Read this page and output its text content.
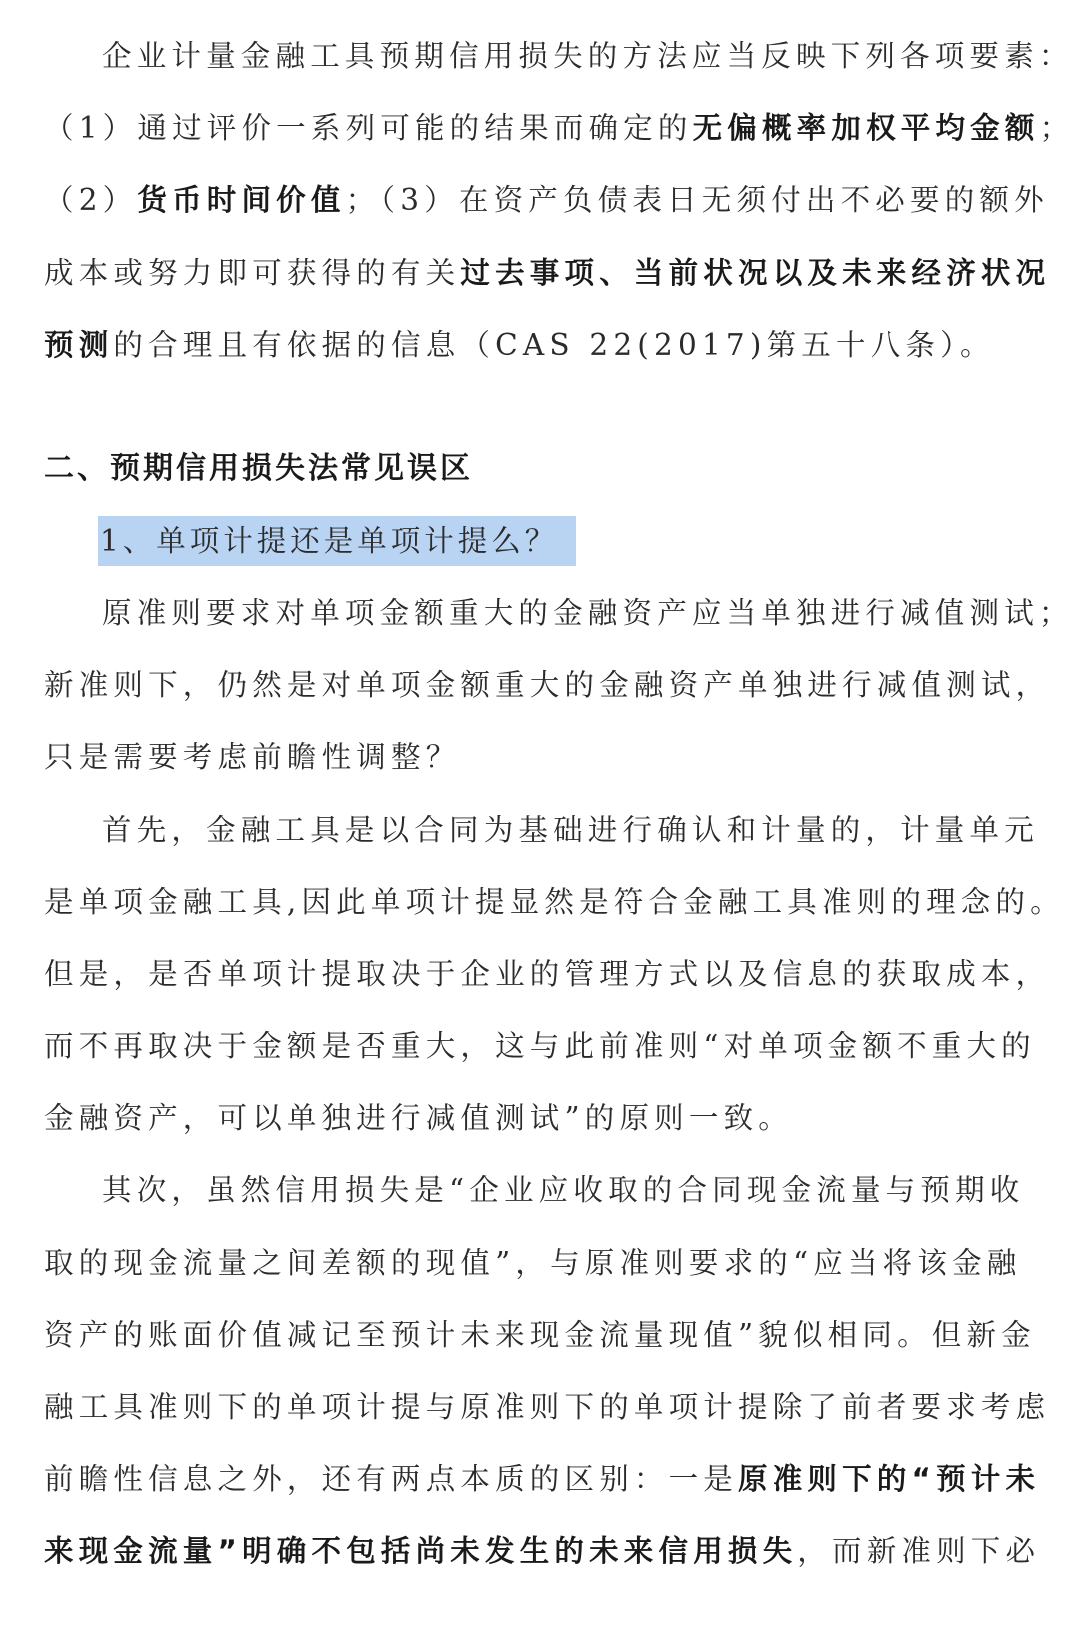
企业计量金融工具预期信用损失的方法应当反映下列各项要素：
（1）通过评价一系列可能的结果而确定的无偏概率加权平均金额；
（2）货币时间价值；（3）在资产负债表日无须付出不必要的额外
成本或努力即可获得的有关过去事项、当前状况以及未来经济状况
预测的合理且有依据的信息（CAS 22(2017)第五十八条）。
二、预期信用损失法常见误区
1、单项计提还是单项计提么？
原准则要求对单项金额重大的金融资产应当单独进行减值测试；
新准则下，仍然是对单项金额重大的金融资产单独进行减值测试，
只是需要考虑前瞻性调整？
首先，金融工具是以合同为基础进行确认和计量的，计量单元
是单项金融工具,因此单项计提显然是符合金融工具准则的理念的。
但是，是否单项计提取决于企业的管理方式以及信息的获取成本，
而不再取决于金额是否重大，这与此前准则“对单项金额不重大的
金融资产，可以单独进行减值测试”的原则一致。
其次，虽然信用损失是“企业应收取的合同现金流量与预期收
取的现金流量之间差额的现值”，与原准则要求的“应当将该金融
资产的账面价值减记至预计未来现金流量现值”貌似相同。但新金
融工具准则下的单项计提与原准则下的单项计提除了前者要求考虑
前瞻性信息之外，还有两点本质的区别：一是原准则下的“预计未
来现金流量”明确不包括尚未发生的未来信用损失，而新准则下必
